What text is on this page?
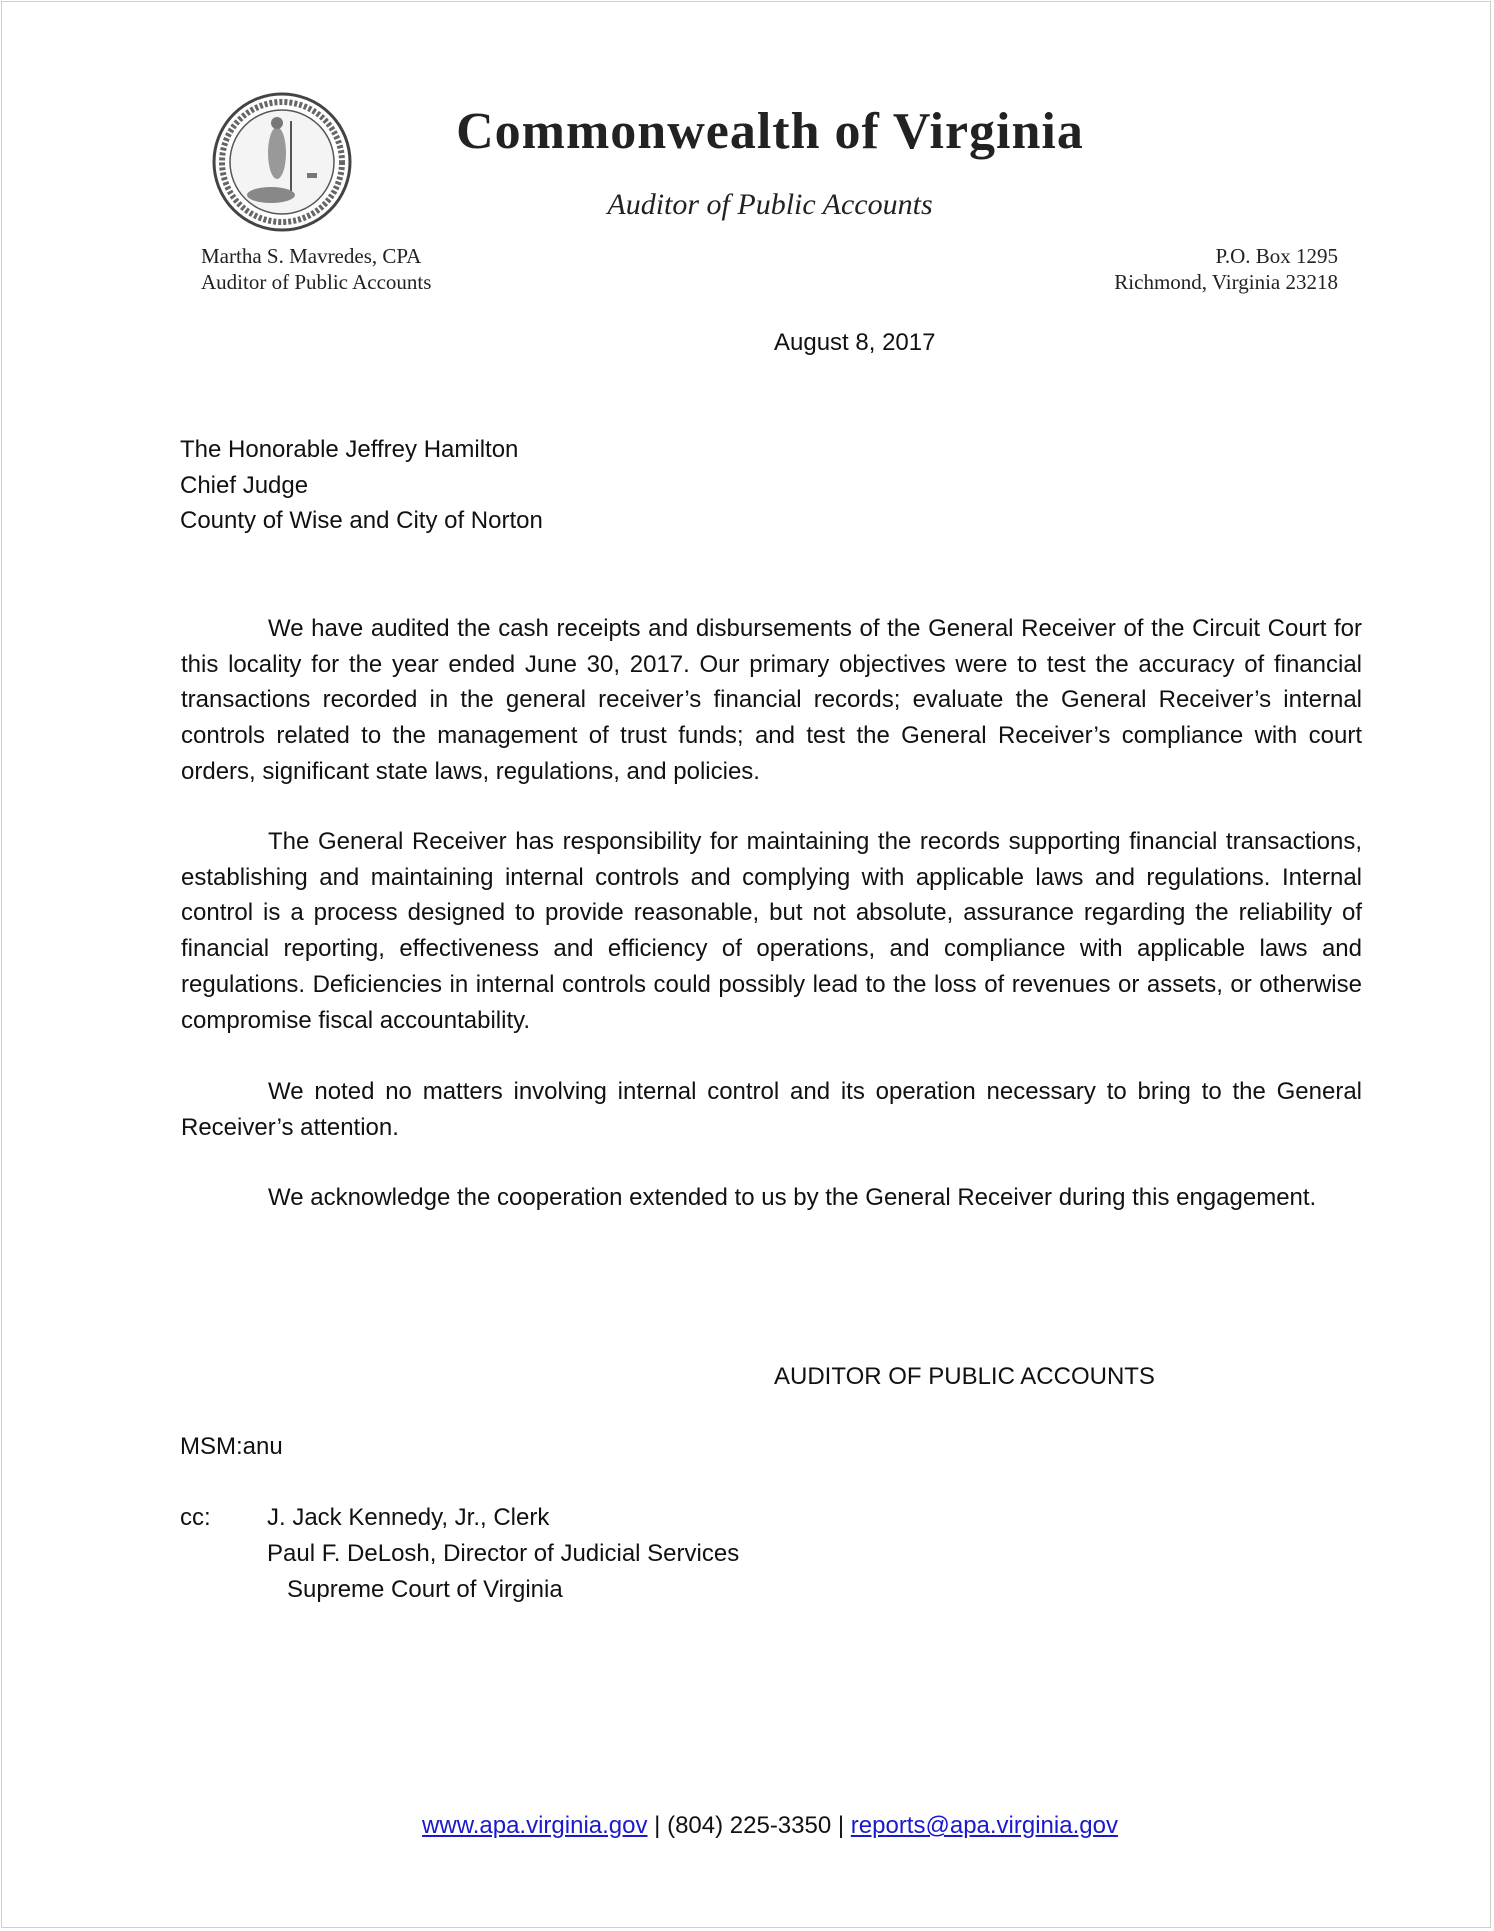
Commonwealth of Virginia
Auditor of Public Accounts
Martha S. Mavredes, CPA
Auditor of Public Accounts
P.O. Box 1295
Richmond, Virginia 23218
August 8, 2017
The Honorable Jeffrey Hamilton
Chief Judge
County of Wise and City of Norton

We have audited the cash receipts and disbursements of the General Receiver of the Circuit Court for this locality for the year ended June 30, 2017. Our primary objectives were to test the accuracy of financial transactions recorded in the general receiver’s financial records; evaluate the General Receiver’s internal controls related to the management of trust funds; and test the General Receiver’s compliance with court orders, significant state laws, regulations, and policies.

The General Receiver has responsibility for maintaining the records supporting financial transactions, establishing and maintaining internal controls and complying with applicable laws and regulations. Internal control is a process designed to provide reasonable, but not absolute, assurance regarding the reliability of financial reporting, effectiveness and efficiency of operations, and compliance with applicable laws and regulations. Deficiencies in internal controls could possibly lead to the loss of revenues or assets, or otherwise compromise fiscal accountability.

We noted no matters involving internal control and its operation necessary to bring to the General Receiver’s attention.

We acknowledge the cooperation extended to us by the General Receiver during this engagement.

AUDITOR OF PUBLIC ACCOUNTS
MSM:anu
cc: J. Jack Kennedy, Jr., Clerk
Paul F. DeLosh, Director of Judicial Services
Supreme Court of Virginia
www.apa.virginia.gov | (804) 225-3350 | reports@apa.virginia.gov
